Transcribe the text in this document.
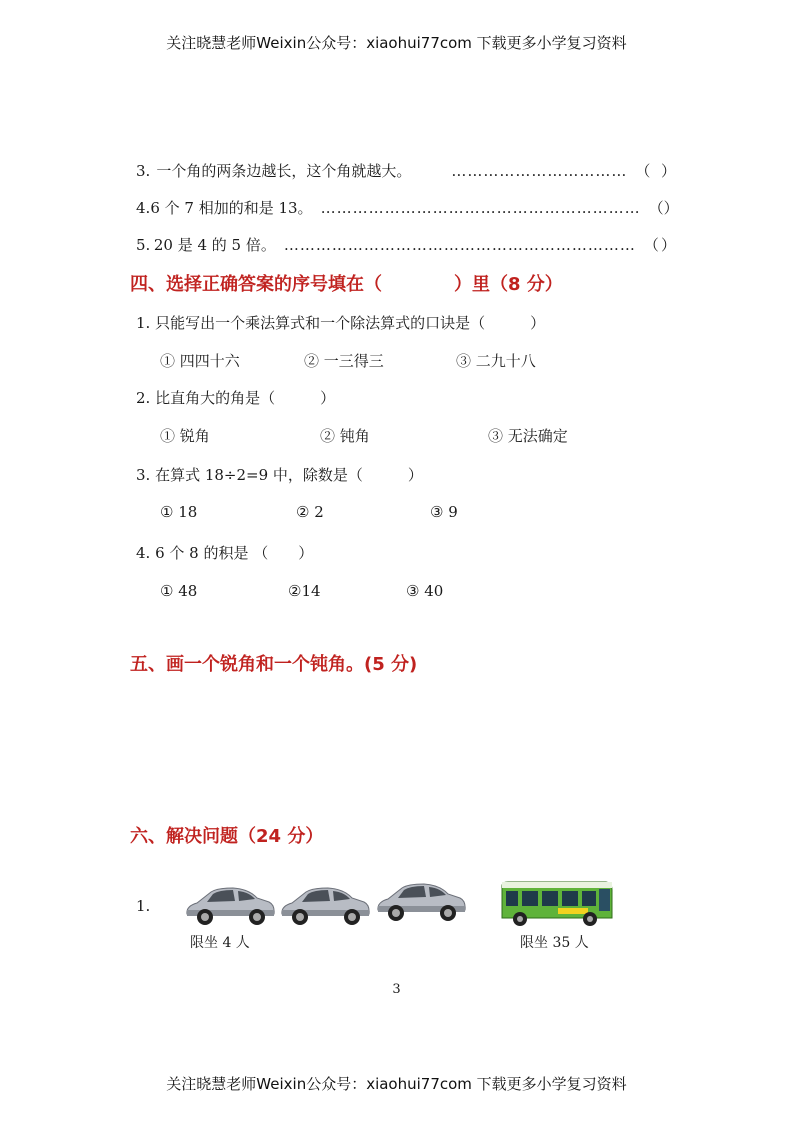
关注晓慧老师Weixin公众号：xiaohui77com 下载更多小学复习资料
3. 一个角的两条边越长，这个角就越大。	…………………………… （ ）
4. 6 个 7 相加的和是 13。 …………………………………………………… （ ）
5. 20 是 4 的 5 倍。 ………………………………………………………… （ ）
四、选择正确答案的序号填在（　　　　）里（8 分）
1. 只能写出一个乘法算式和一个除法算式的口诀是（　　　）
① 四四十六	② 一三得三	③ 二九十八
2. 比直角大的角是（　　　）
① 锐角	② 钝角	③ 无法确定
3. 在算式 18÷2=9 中，除数是（　　　）
① 18	② 2	③ 9
4. 6 个 8 的积是 （　　）
① 48	②14	③ 40
五、画一个锐角和一个钝角。(5 分)
六、解决问题（24 分）
1.
限坐 4 人	限坐 35 人
3
关注晓慧老师Weixin公众号：xiaohui77com 下载更多小学复习资料
